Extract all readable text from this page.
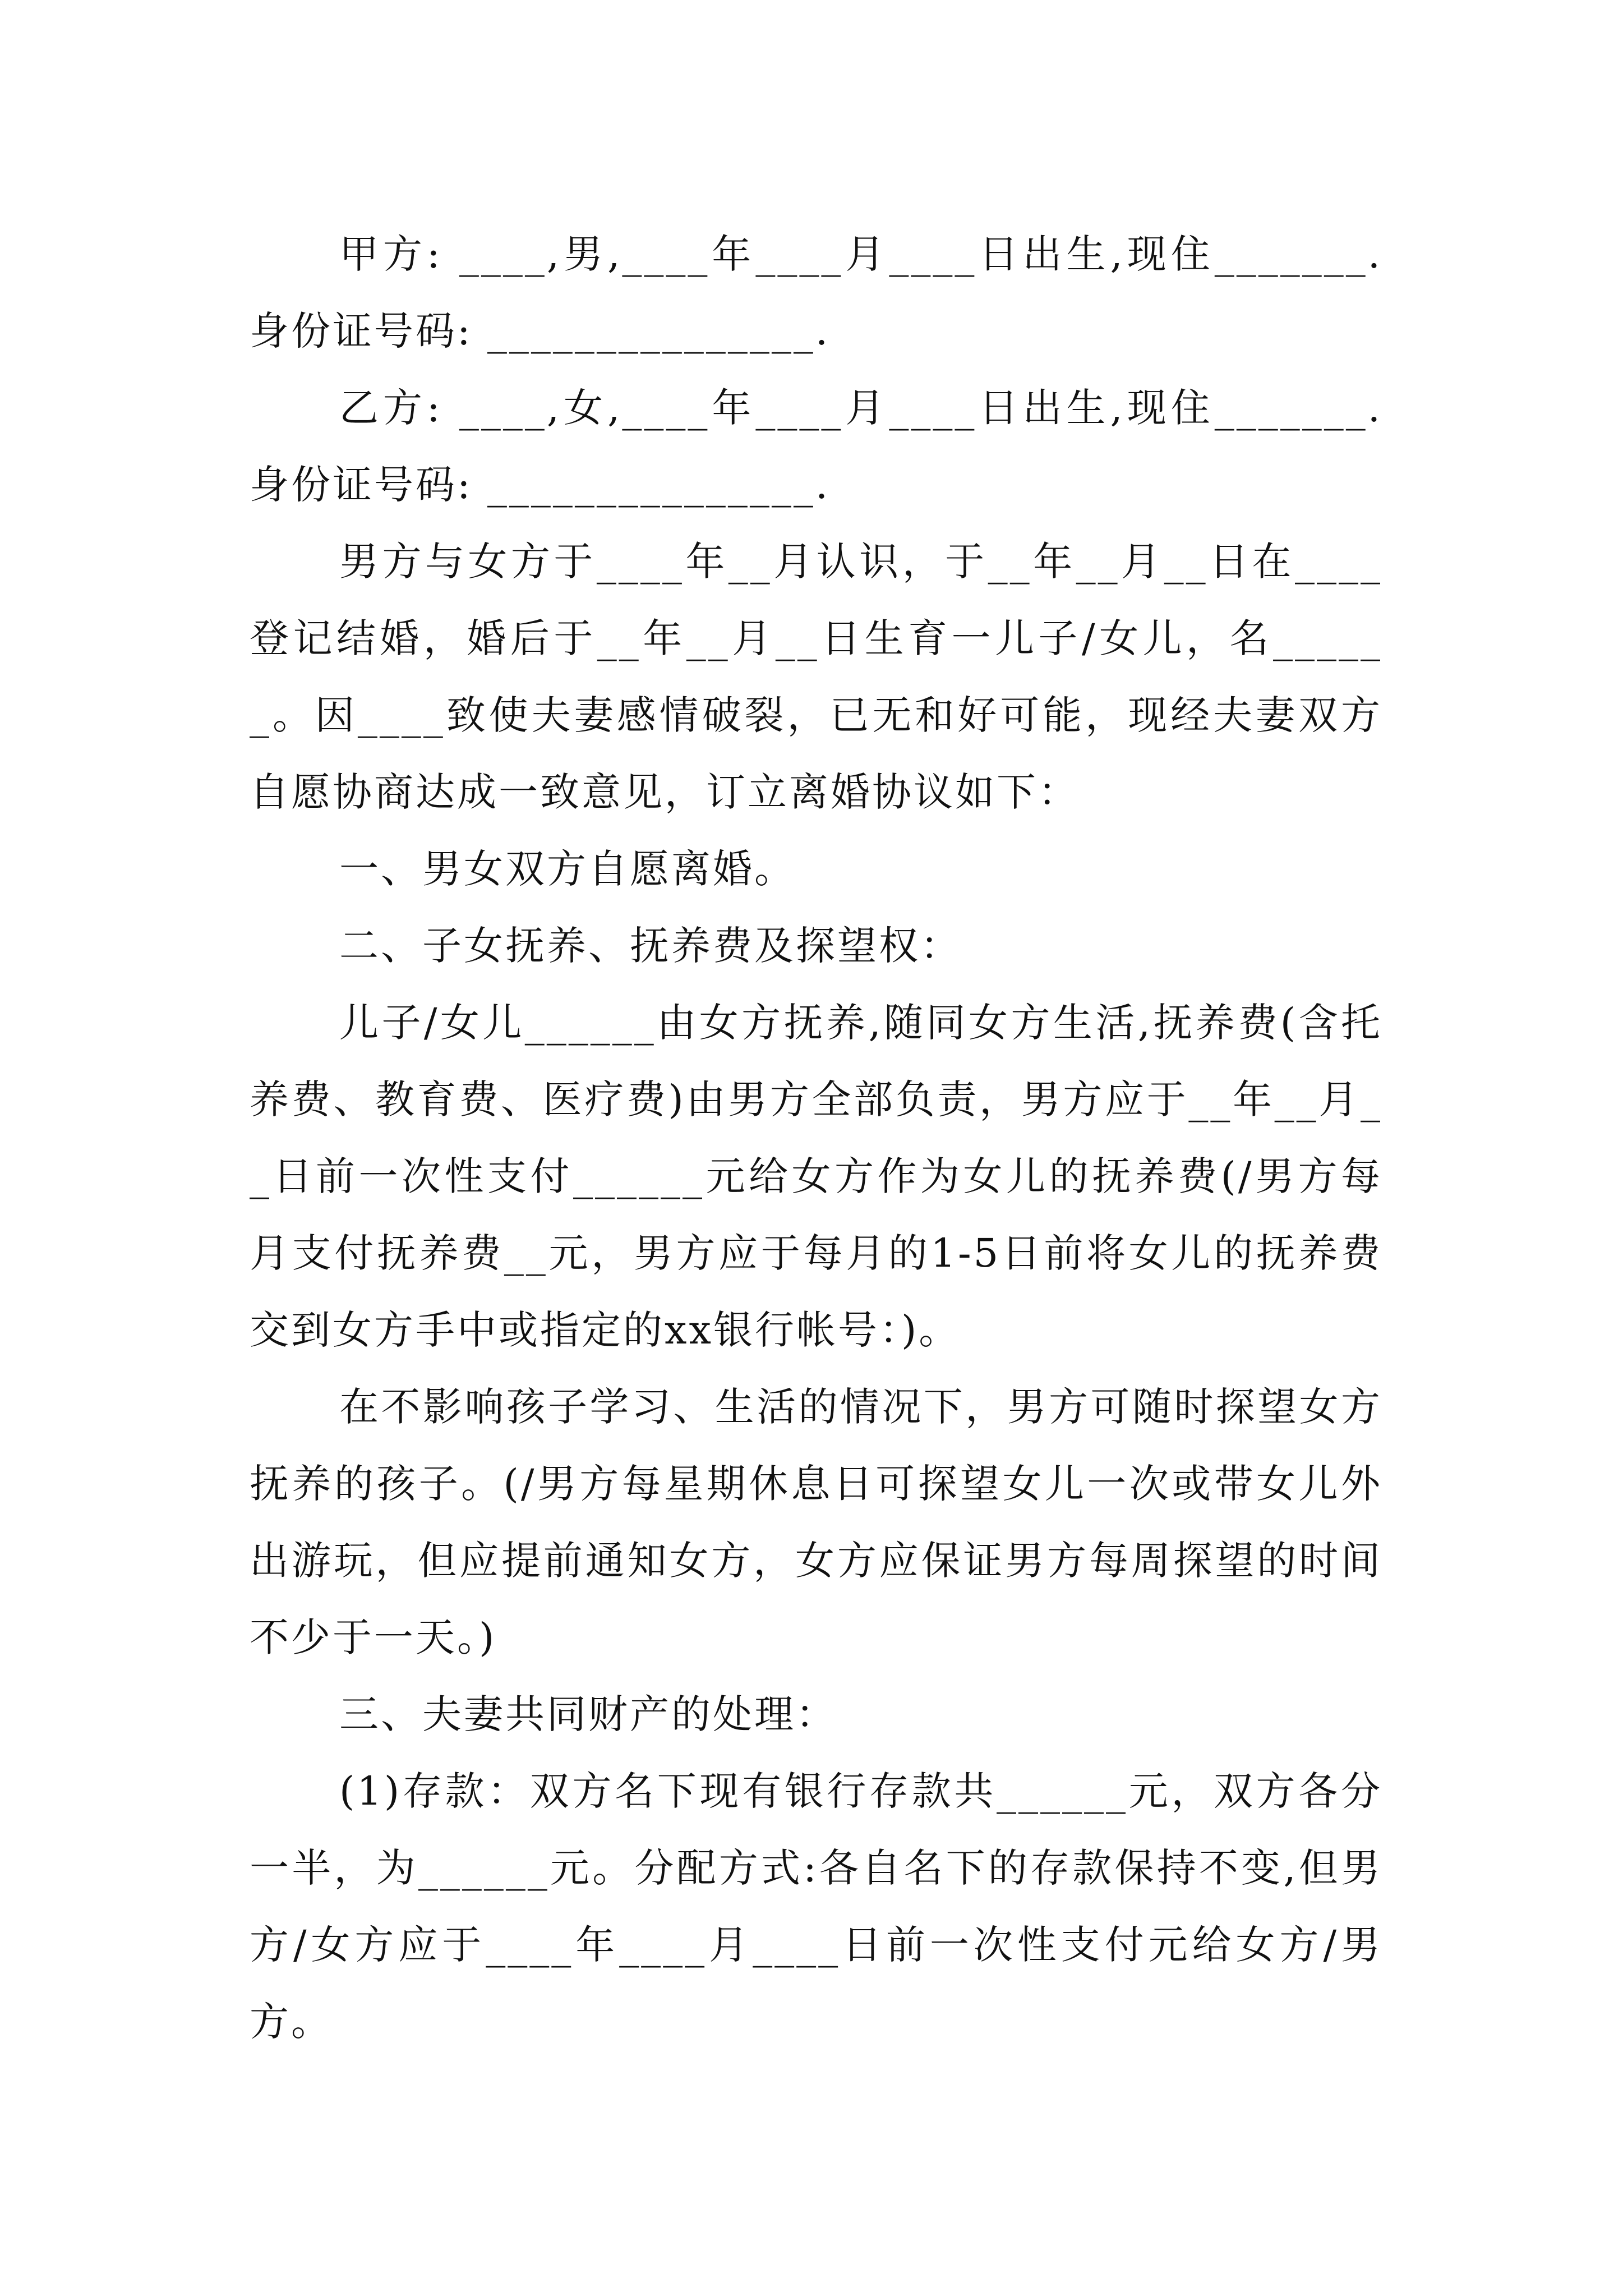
甲方: ____,男,____年____月____日出生,现住_______.身份证号码: _______________.

乙方: ____,女,____年____月____日出生,现住_______.身份证号码: _______________.

男方与女方于____年__月认识，于__年__月__日在____登记结婚，婚后于__年__月__日生育一儿子/女儿，名______。因____致使夫妻感情破裂，已无和好可能，现经夫妻双方自愿协商达成一致意见，订立离婚协议如下：

一、男女双方自愿离婚。

二、子女抚养、抚养费及探望权：

儿子/女儿______由女方抚养,随同女方生活,抚养费(含托养费、教育费、医疗费)由男方全部负责，男方应于__年__月__日前一次性支付______元给女方作为女儿的抚养费(/男方每月支付抚养费__元，男方应于每月的1-5日前将女儿的抚养费交到女方手中或指定的xx银行帐号：)。

在不影响孩子学习、生活的情况下，男方可随时探望女方抚养的孩子。(/男方每星期休息日可探望女儿一次或带女儿外出游玩，但应提前通知女方，女方应保证男方每周探望的时间不少于一天。)

三、夫妻共同财产的处理：

(1)存款：双方名下现有银行存款共______元，双方各分一半，为______元。分配方式:各自名下的存款保持不变,但男方/女方应于____年____月____日前一次性支付元给女方/男方。
